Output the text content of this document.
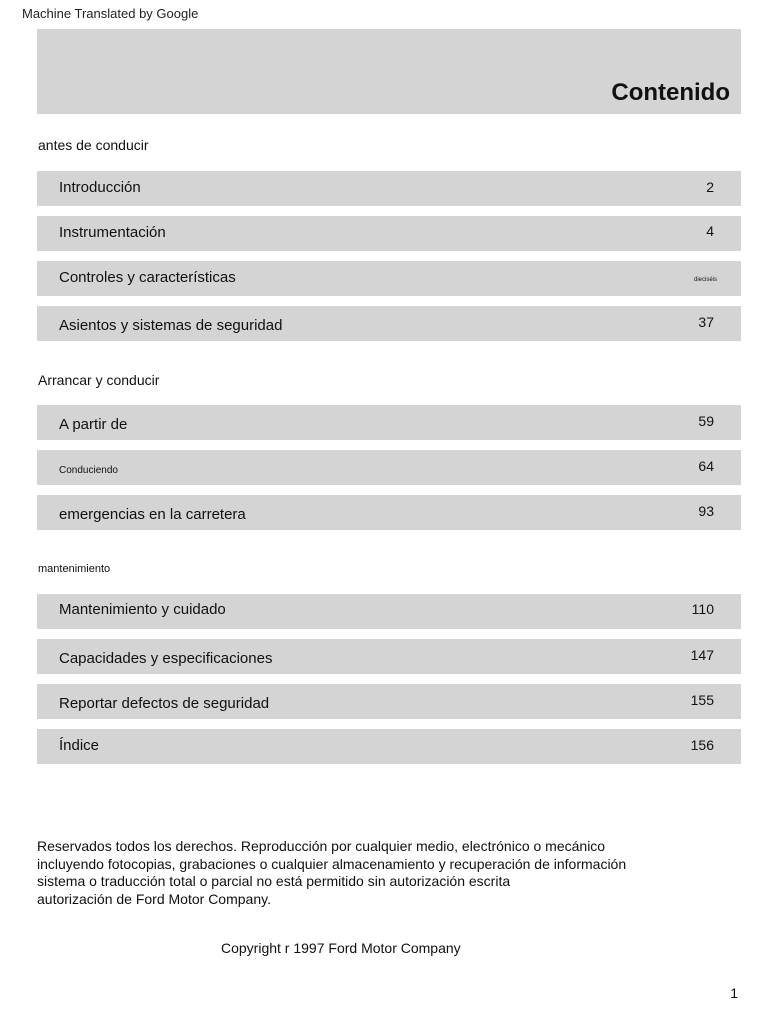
Machine Translated by Google
Contenido
antes de conducir
Introducción	2
Instrumentación	4
Controles y características	dieciséis
Asientos y sistemas de seguridad	37
Arrancar y conducir
A partir de	59
Conduciendo	64
emergencias en la carretera	93
mantenimiento
Mantenimiento y cuidado	110
Capacidades y especificaciones	147
Reportar defectos de seguridad	155
Índice	156
Reservados todos los derechos. Reproducción por cualquier medio, electrónico o mecánico
incluyendo fotocopias, grabaciones o cualquier almacenamiento y recuperación de información
sistema o traducción total o parcial no está permitido sin autorización escrita
autorización de Ford Motor Company.
Copyright r 1997 Ford Motor Company
1
